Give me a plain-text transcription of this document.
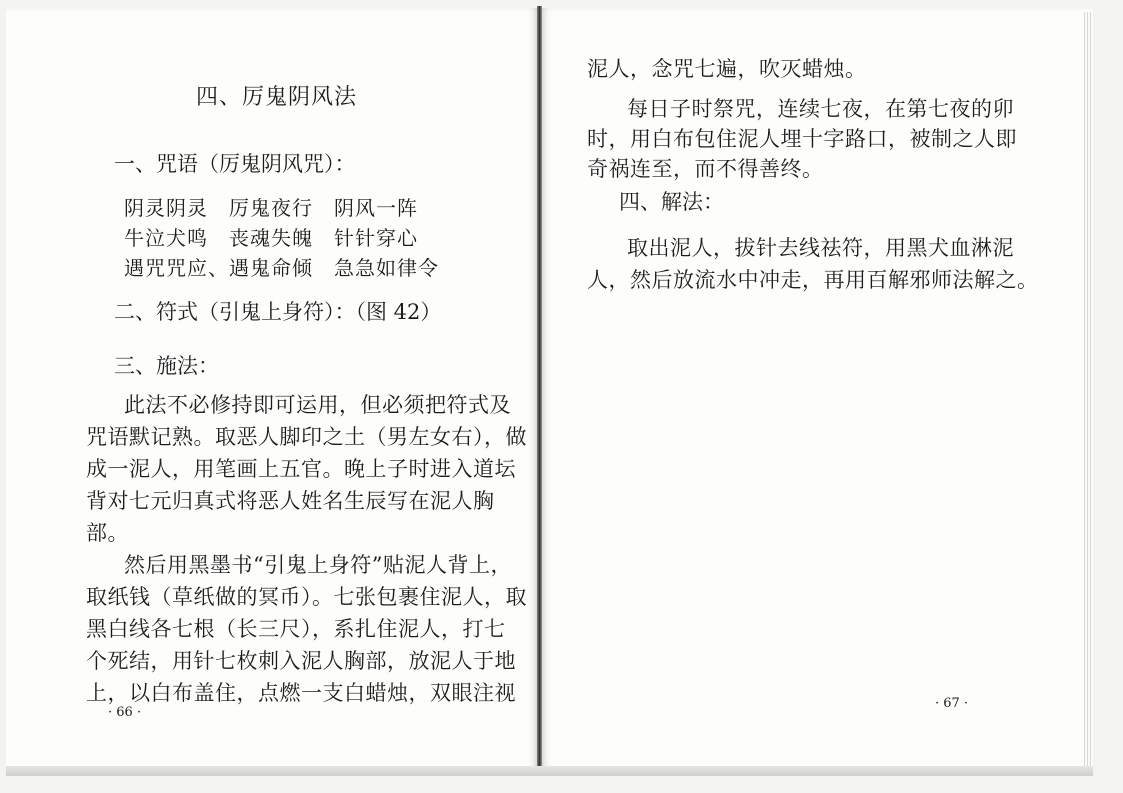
四、厉鬼阴风法
一、咒语（厉鬼阴风咒）：
阴灵阴灵　厉鬼夜行　阴风一阵
牛泣犬鸣　丧魂失魄　针针穿心
遇咒咒应、遇鬼命倾　急急如律令
二、符式（引鬼上身符）：（图 42）
三、施法：
此法不必修持即可运用，但必须把符式及
咒语默记熟。取恶人脚印之土（男左女右），做
成一泥人，用笔画上五官。晚上子时进入道坛
背对七元归真式将恶人姓名生辰写在泥人胸
部。
然后用黑墨书“引鬼上身符”贴泥人背上，
取纸钱（草纸做的冥币）。七张包裹住泥人，取
黑白线各七根（长三尺），系扎住泥人，打七
个死结，用针七枚刺入泥人胸部，放泥人于地
上，以白布盖住，点燃一支白蜡烛，双眼注视
· 66 ·
泥人，念咒七遍，吹灭蜡烛。
每日子时祭咒，连续七夜，在第七夜的卯
时，用白布包住泥人埋十字路口，被制之人即
奇祸连至，而不得善终。
四、解法：
取出泥人，拔针去线祛符，用黑犬血淋泥
人，然后放流水中冲走，再用百解邪师法解之。
· 67 ·
